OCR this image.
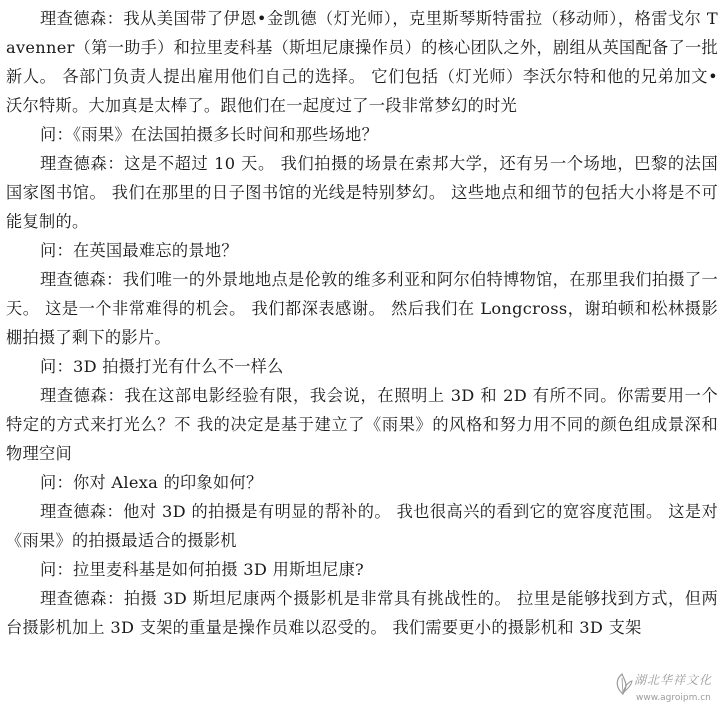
理查德森：我从美国带了伊恩•金凯德（灯光师），克里斯琴斯特雷拉（移动师），格雷戈尔 Tavenner（第一助手）和拉里麦科基（斯坦尼康操作员）的核心团队之外，剧组从英国配备了一批新人。 各部门负责人提出雇用他们自己的选择。 它们包括（灯光师）李沃尔特和他的兄弟加文•沃尔特斯。大加真是太棒了。跟他们在一起度过了一段非常梦幻的时光

问：《雨果》在法国拍摄多长时间和那些场地？

理查德森：这是不超过 10 天。 我们拍摄的场景在索邦大学，还有另一个场地，巴黎的法国国家图书馆。 我们在那里的日子图书馆的光线是特别梦幻。 这些地点和细节的包括大小将是不可能复制的。

问：在英国最难忘的景地？

理查德森：我们唯一的外景地地点是伦敦的维多利亚和阿尔伯特博物馆，在那里我们拍摄了一天。 这是一个非常难得的机会。 我们都深表感谢。 然后我们在 Longcross，谢珀顿和松林摄影棚拍摄了剩下的影片。

问：3D 拍摄打光有什么不一样么

理查德森：我在这部电影经验有限，我会说，在照明上 3D 和 2D 有所不同。你需要用一个特定的方式来打光么？不 我的决定是基于建立了《雨果》的风格和努力用不同的颜色组成景深和物理空间

问：你对 Alexa 的印象如何？

理查德森：他对 3D 的拍摄是有明显的帮补的。 我也很高兴的看到它的宽容度范围。 这是对《雨果》的拍摄最适合的摄影机

问：拉里麦科基是如何拍摄 3D 用斯坦尼康?

理查德森：拍摄 3D 斯坦尼康两个摄影机是非常具有挑战性的。 拉里是能够找到方式，但两台摄影机加上 3D 支架的重量是操作员难以忍受的。 我们需要更小的摄影机和 3D 支架

湖北华祥文化
www.agroipm.cn
